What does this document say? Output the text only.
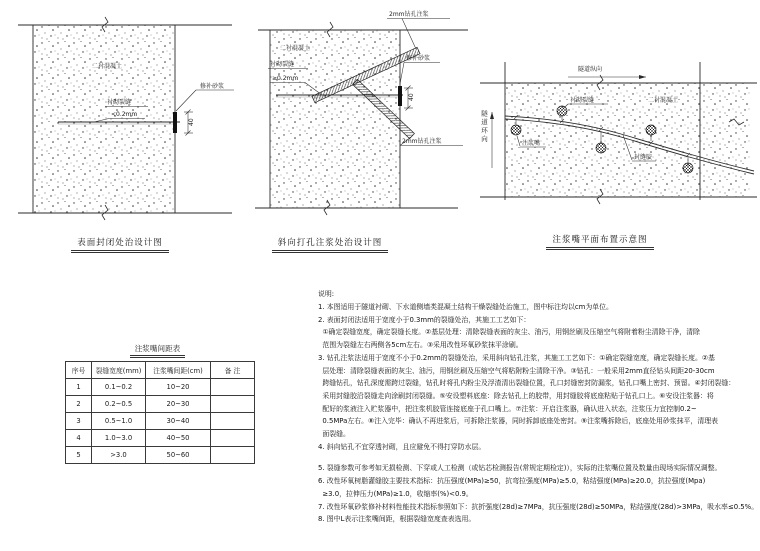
二衬混凝土
衬砌裂缝
<0.2mm
40
修补砂浆
表面封闭处治设计图
40
二衬混凝土
衬砌裂缝
≥0.2mm
2mm钻孔注浆
修补砂浆
2mm钻孔注浆
斜向打孔注浆处治设计图
隧道纵向
衬砌裂缝	二衬混凝土
注浆嘴
封缝胶
隧道环向
注浆嘴平面布置示意图
注浆嘴间距表
序号	裂缝宽度(mm)	注浆嘴间距(cm)	备 注
1	0.1~0.2	10~20	
2	0.2~0.5	20~30	
3	0.5~1.0	30~40	
4	1.0~3.0	40~50	
5	>3.0	50~60	
说明:
1. 本图适用于隧道衬砌、下水道侧墙类混凝土结构干燥裂缝处治施工，图中标注均以cm为单位。
2. 表面封闭法适用于宽度小于0.3mm的裂缝处治，其施工工艺如下：
①确定裂缝宽度，确定裂缝长度。②基层处理：清除裂缝表面的灰尘、油污，用钢丝刷及压缩空气将附着粉尘清除干净，清除
范围为裂缝左右两侧各5cm左右。③采用改性环氧砂浆抹平涂刷。
3. 钻孔注浆法适用于宽度不小于0.2mm的裂缝处治，采用斜向钻孔注浆，其施工工艺如下：①确定裂缝宽度，确定裂缝长度。②基
层处理：清除裂缝表面的灰尘、油污，用钢丝刷及压缩空气将粘附粉尘清除干净。③钻孔：一般采用2mm直径钻头间距20-30cm
跨缝钻孔，钻孔深度需跨过裂缝，钻孔时将孔内粉尘及浮渣清出裂缝位置，孔口封缝密封防漏浆，钻孔口嘴上密封、预留。④封闭裂缝：
采用封缝胶沿裂缝走向涂刷封闭裂缝。⑤安设塑料底座：除去钻孔上的胶带，用封缝胶将底座粘贴于钻孔口上。⑥安设注浆器：将
配好的浆液注入贮浆器中，把注浆机胶管连接底座于孔口嘴上。⑦注浆：开启注浆器，确认进入状态，注浆压力宜控制0.2~
0.5MPa左右。⑧注入完毕：确认不再进浆后，可拆除注浆器，同时拆卸底座处密封。⑨注浆嘴拆除后，底座处用砂浆抹平，清理表
面裂缝。
4. 斜向钻孔不宜穿透衬砌，且应避免不得打穿防水层。
5. 裂缝参数可参考如无损检测、下穿或人工检测（或钻芯检测报告(常规定期检定)），实际的注浆嘴位置及数量由现场实际情况调整。
6. 改性环氧树脂灌缝胶主要技术指标：抗压强度(MPa)≥50，抗弯拉强度(MPa)≥5.0，粘结强度(MPa)≥20.0，抗拉强度(Mpa)
≥3.0，拉伸压力(MPa)≥1.0，收缩率(%)<0.9。
7. 改性环氧砂浆修补材料性能技术指标参照如下：抗折强度(28d)≥7MPa，抗压强度(28d)≥50MPa，粘结强度(28d)>3MPa，吸水率≤0.5%。
8. 图中L表示注浆嘴间距，根据裂缝宽度查表选用。
